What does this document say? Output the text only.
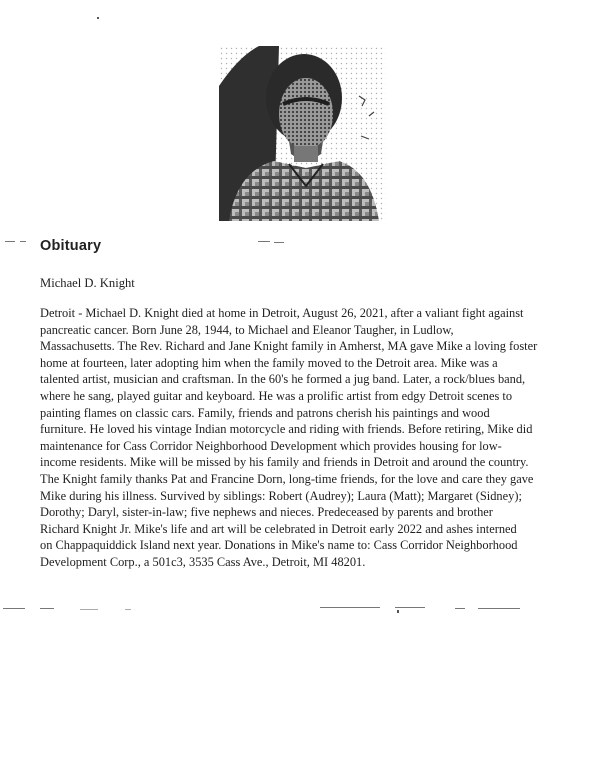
Obituary
Michael D. Knight

Detroit - Michael D. Knight died at home in Detroit, August 26, 2021, after a valiant fight against
pancreatic cancer. Born June 28, 1944, to Michael and Eleanor Taugher, in Ludlow,
Massachusetts. The Rev. Richard and Jane Knight family in Amherst, MA gave Mike a loving foster
home at fourteen, later adopting him when the family moved to the Detroit area. Mike was a
talented artist, musician and craftsman. In the 60's he formed a jug band. Later, a rock/blues band,
where he sang, played guitar and keyboard. He was a prolific artist from edgy Detroit scenes to
painting flames on classic cars. Family, friends and patrons cherish his paintings and wood
furniture. He loved his vintage Indian motorcycle and riding with friends. Before retiring, Mike did
maintenance for Cass Corridor Neighborhood Development which provides housing for low-
income residents. Mike will be missed by his family and friends in Detroit and around the country.
The Knight family thanks Pat and Francine Dorn, long-time friends, for the love and care they gave
Mike during his illness. Survived by siblings: Robert (Audrey); Laura (Matt); Margaret (Sidney);
Dorothy; Daryl, sister-in-law; five nephews and nieces. Predeceased by parents and brother
Richard Knight Jr. Mike's life and art will be celebrated in Detroit early 2022 and ashes interned
on Chappaquiddick Island next year. Donations in Mike's name to: Cass Corridor Neighborhood
Development Corp., a 501c3, 3535 Cass Ave., Detroit, MI 48201.
